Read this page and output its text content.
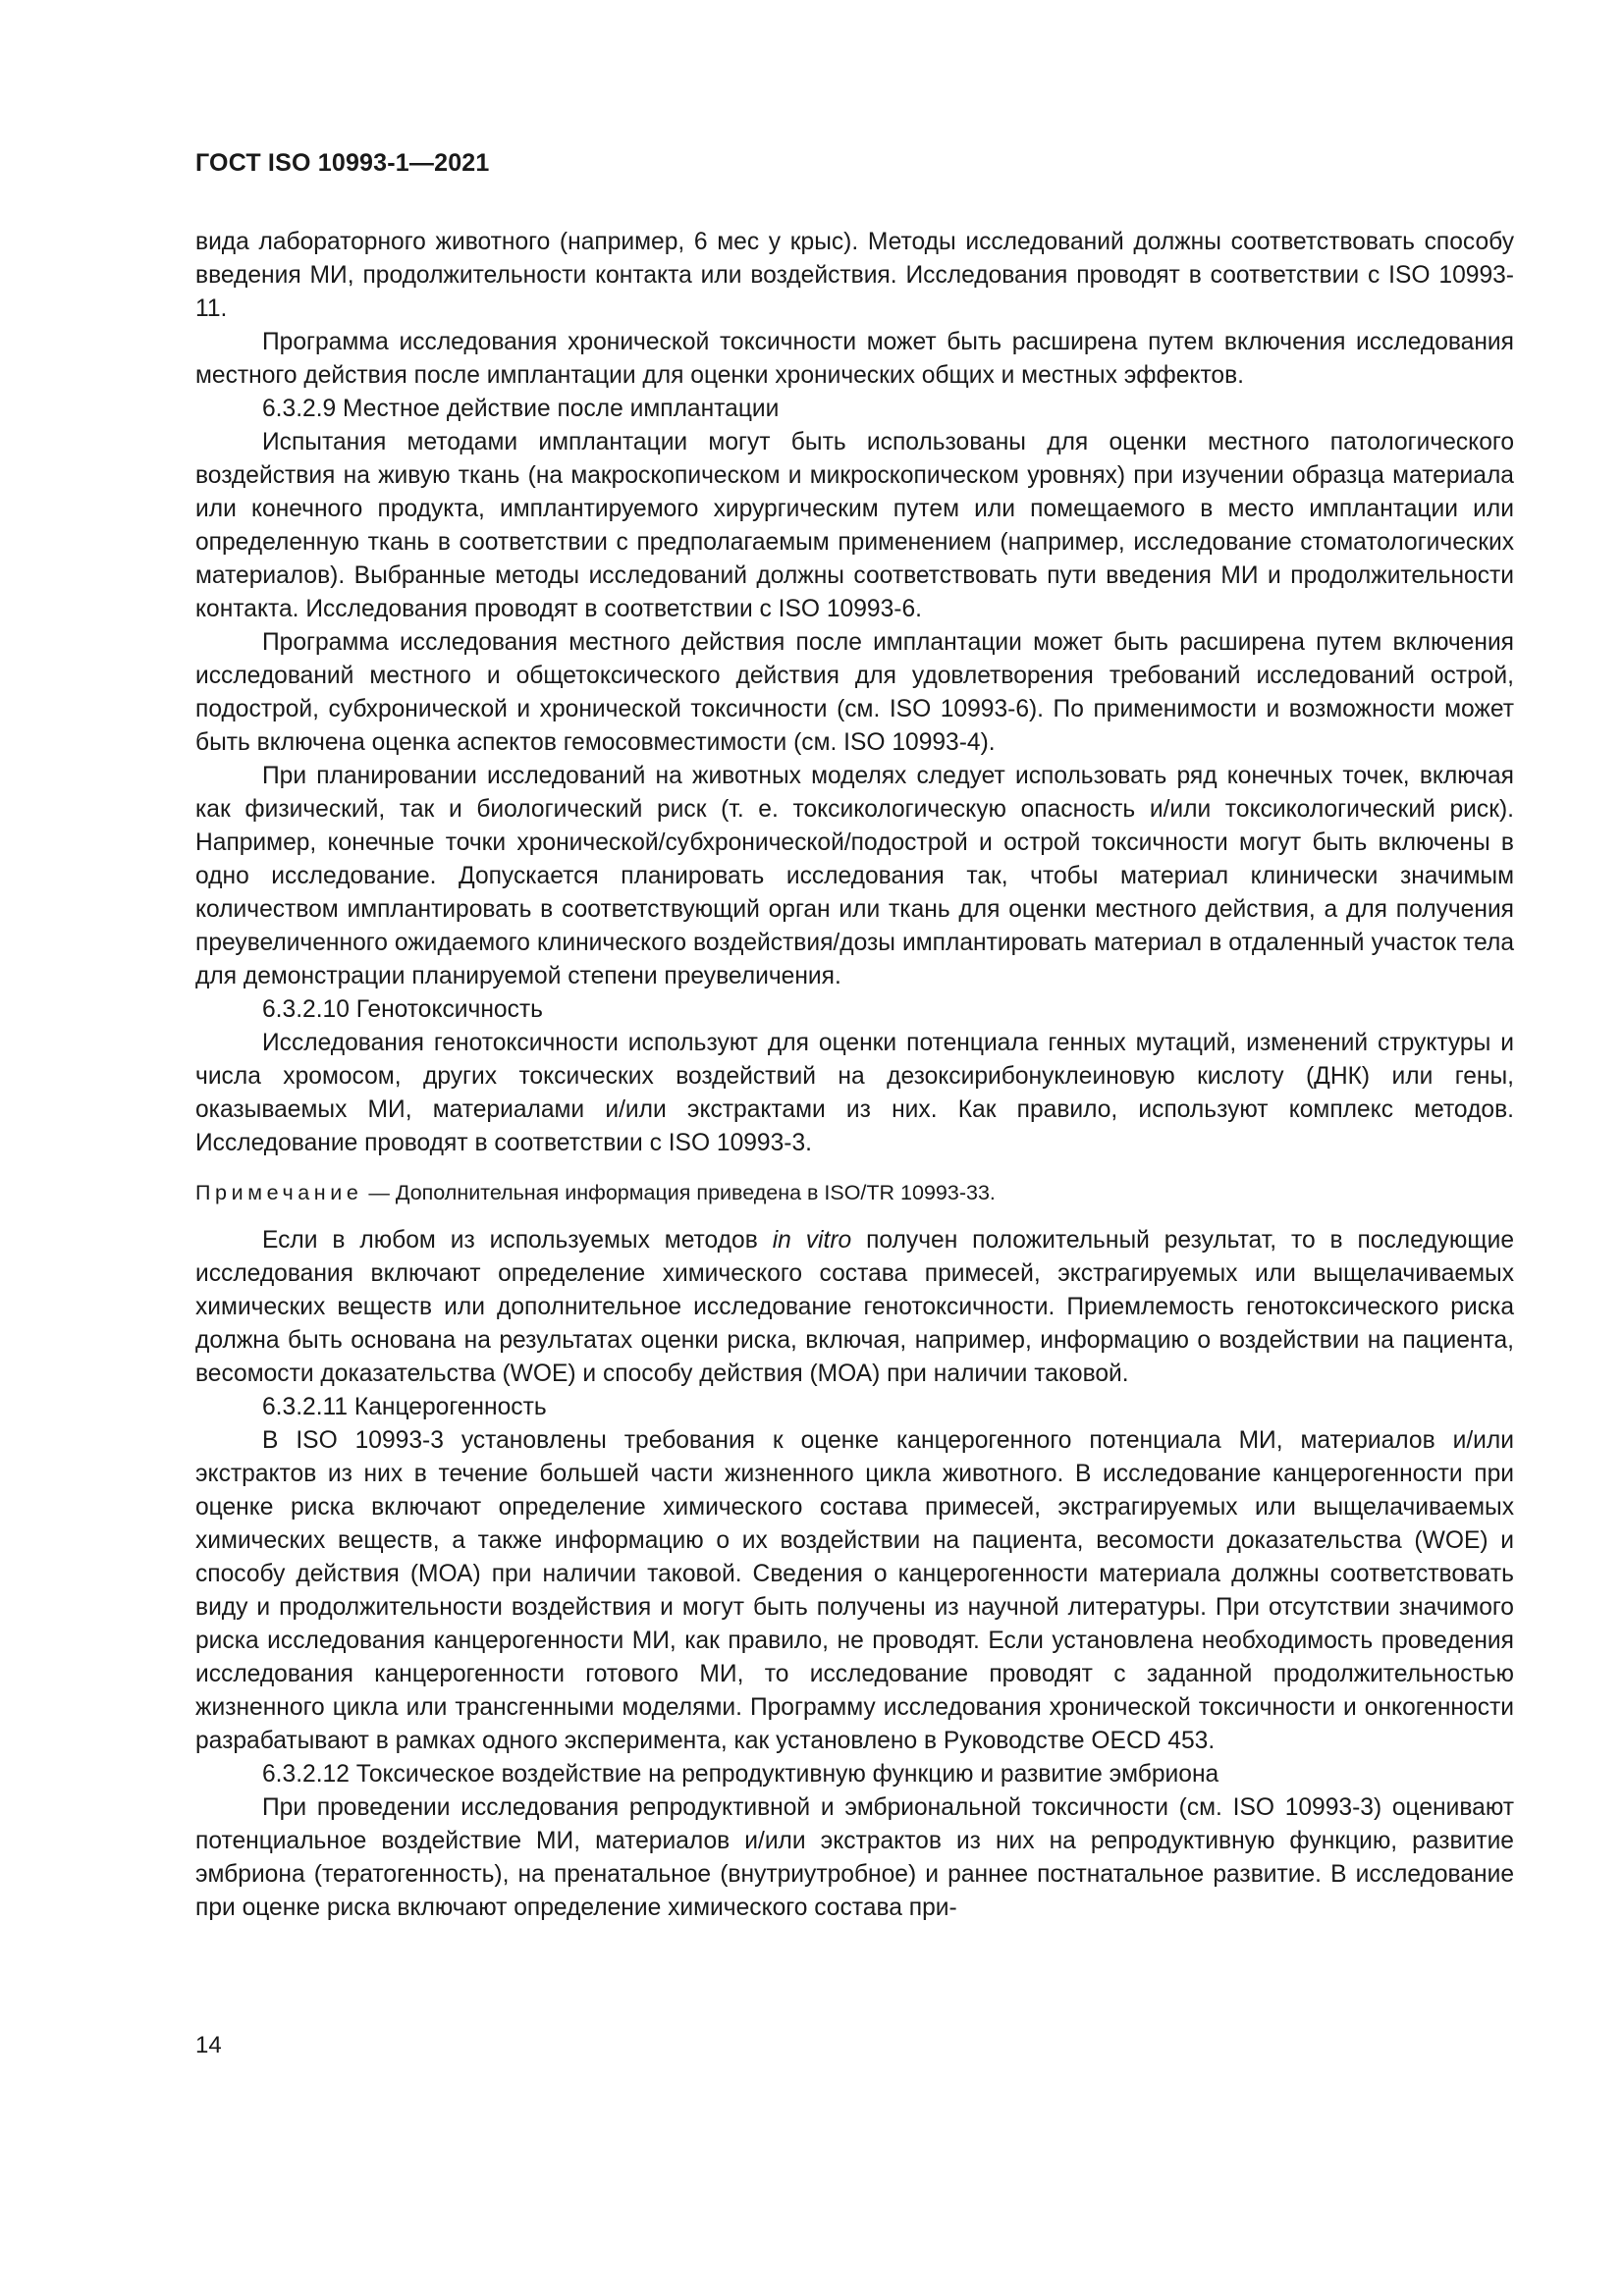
ГОСТ ISO 10993-1—2021

вида лабораторного животного (например, 6 мес у крыс). Методы исследований должны соответствовать способу введения МИ, продолжительности контакта или воздействия. Исследования проводят в соответствии с ISO 10993-11.

Программа исследования хронической токсичности может быть расширена путем включения исследования местного действия после имплантации для оценки хронических общих и местных эффектов.

6.3.2.9 Местное действие после имплантации

Испытания методами имплантации могут быть использованы для оценки местного патологического воздействия на живую ткань (на макроскопическом и микроскопическом уровнях) при изучении образца материала или конечного продукта, имплантируемого хирургическим путем или помещаемого в место имплантации или определенную ткань в соответствии с предполагаемым применением (например, исследование стоматологических материалов). Выбранные методы исследований должны соответствовать пути введения МИ и продолжительности контакта. Исследования проводят в соответствии с ISO 10993-6.

Программа исследования местного действия после имплантации может быть расширена путем включения исследований местного и общетоксического действия для удовлетворения требований исследований острой, подострой, субхронической и хронической токсичности (см. ISO 10993-6). По применимости и возможности может быть включена оценка аспектов гемосовместимости (см. ISO 10993-4).

При планировании исследований на животных моделях следует использовать ряд конечных точек, включая как физический, так и биологический риск (т. е. токсикологическую опасность и/или токсикологический риск). Например, конечные точки хронической/субхронической/подострой и острой токсичности могут быть включены в одно исследование. Допускается планировать исследования так, чтобы материал клинически значимым количеством имплантировать в соответствующий орган или ткань для оценки местного действия, а для получения преувеличенного ожидаемого клинического воздействия/дозы имплантировать материал в отдаленный участок тела для демонстрации планируемой степени преувеличения.

6.3.2.10 Генотоксичность

Исследования генотоксичности используют для оценки потенциала генных мутаций, изменений структуры и числа хромосом, других токсических воздействий на дезоксирибонуклеиновую кислоту (ДНК) или гены, оказываемых МИ, материалами и/или экстрактами из них. Как правило, используют комплекс методов. Исследование проводят в соответствии с ISO 10993-3.

Примечание — Дополнительная информация приведена в ISO/TR 10993-33.

Если в любом из используемых методов in vitro получен положительный результат, то в последующие исследования включают определение химического состава примесей, экстрагируемых или выщелачиваемых химических веществ или дополнительное исследование генотоксичности. Приемлемость генотоксического риска должна быть основана на результатах оценки риска, включая, например, информацию о воздействии на пациента, весомости доказательства (WOE) и способу действия (МОА) при наличии таковой.

6.3.2.11 Канцерогенность

В ISO 10993-3 установлены требования к оценке канцерогенного потенциала МИ, материалов и/или экстрактов из них в течение большей части жизненного цикла животного. В исследование канцерогенности при оценке риска включают определение химического состава примесей, экстрагируемых или выщелачиваемых химических веществ, а также информацию о их воздействии на пациента, весомости доказательства (WOE) и способу действия (МОА) при наличии таковой. Сведения о канцерогенности материала должны соответствовать виду и продолжительности воздействия и могут быть получены из научной литературы. При отсутствии значимого риска исследования канцерогенности МИ, как правило, не проводят. Если установлена необходимость проведения исследования канцерогенности готового МИ, то исследование проводят с заданной продолжительностью жизненного цикла или трансгенными моделями. Программу исследования хронической токсичности и онкогенности разрабатывают в рамках одного эксперимента, как установлено в Руководстве OECD 453.

6.3.2.12 Токсическое воздействие на репродуктивную функцию и развитие эмбриона

При проведении исследования репродуктивной и эмбриональной токсичности (см. ISO 10993-3) оценивают потенциальное воздействие МИ, материалов и/или экстрактов из них на репродуктивную функцию, развитие эмбриона (тератогенность), на пренатальное (внутриутробное) и раннее постнатальное развитие. В исследование при оценке риска включают определение химического состава при-

14
